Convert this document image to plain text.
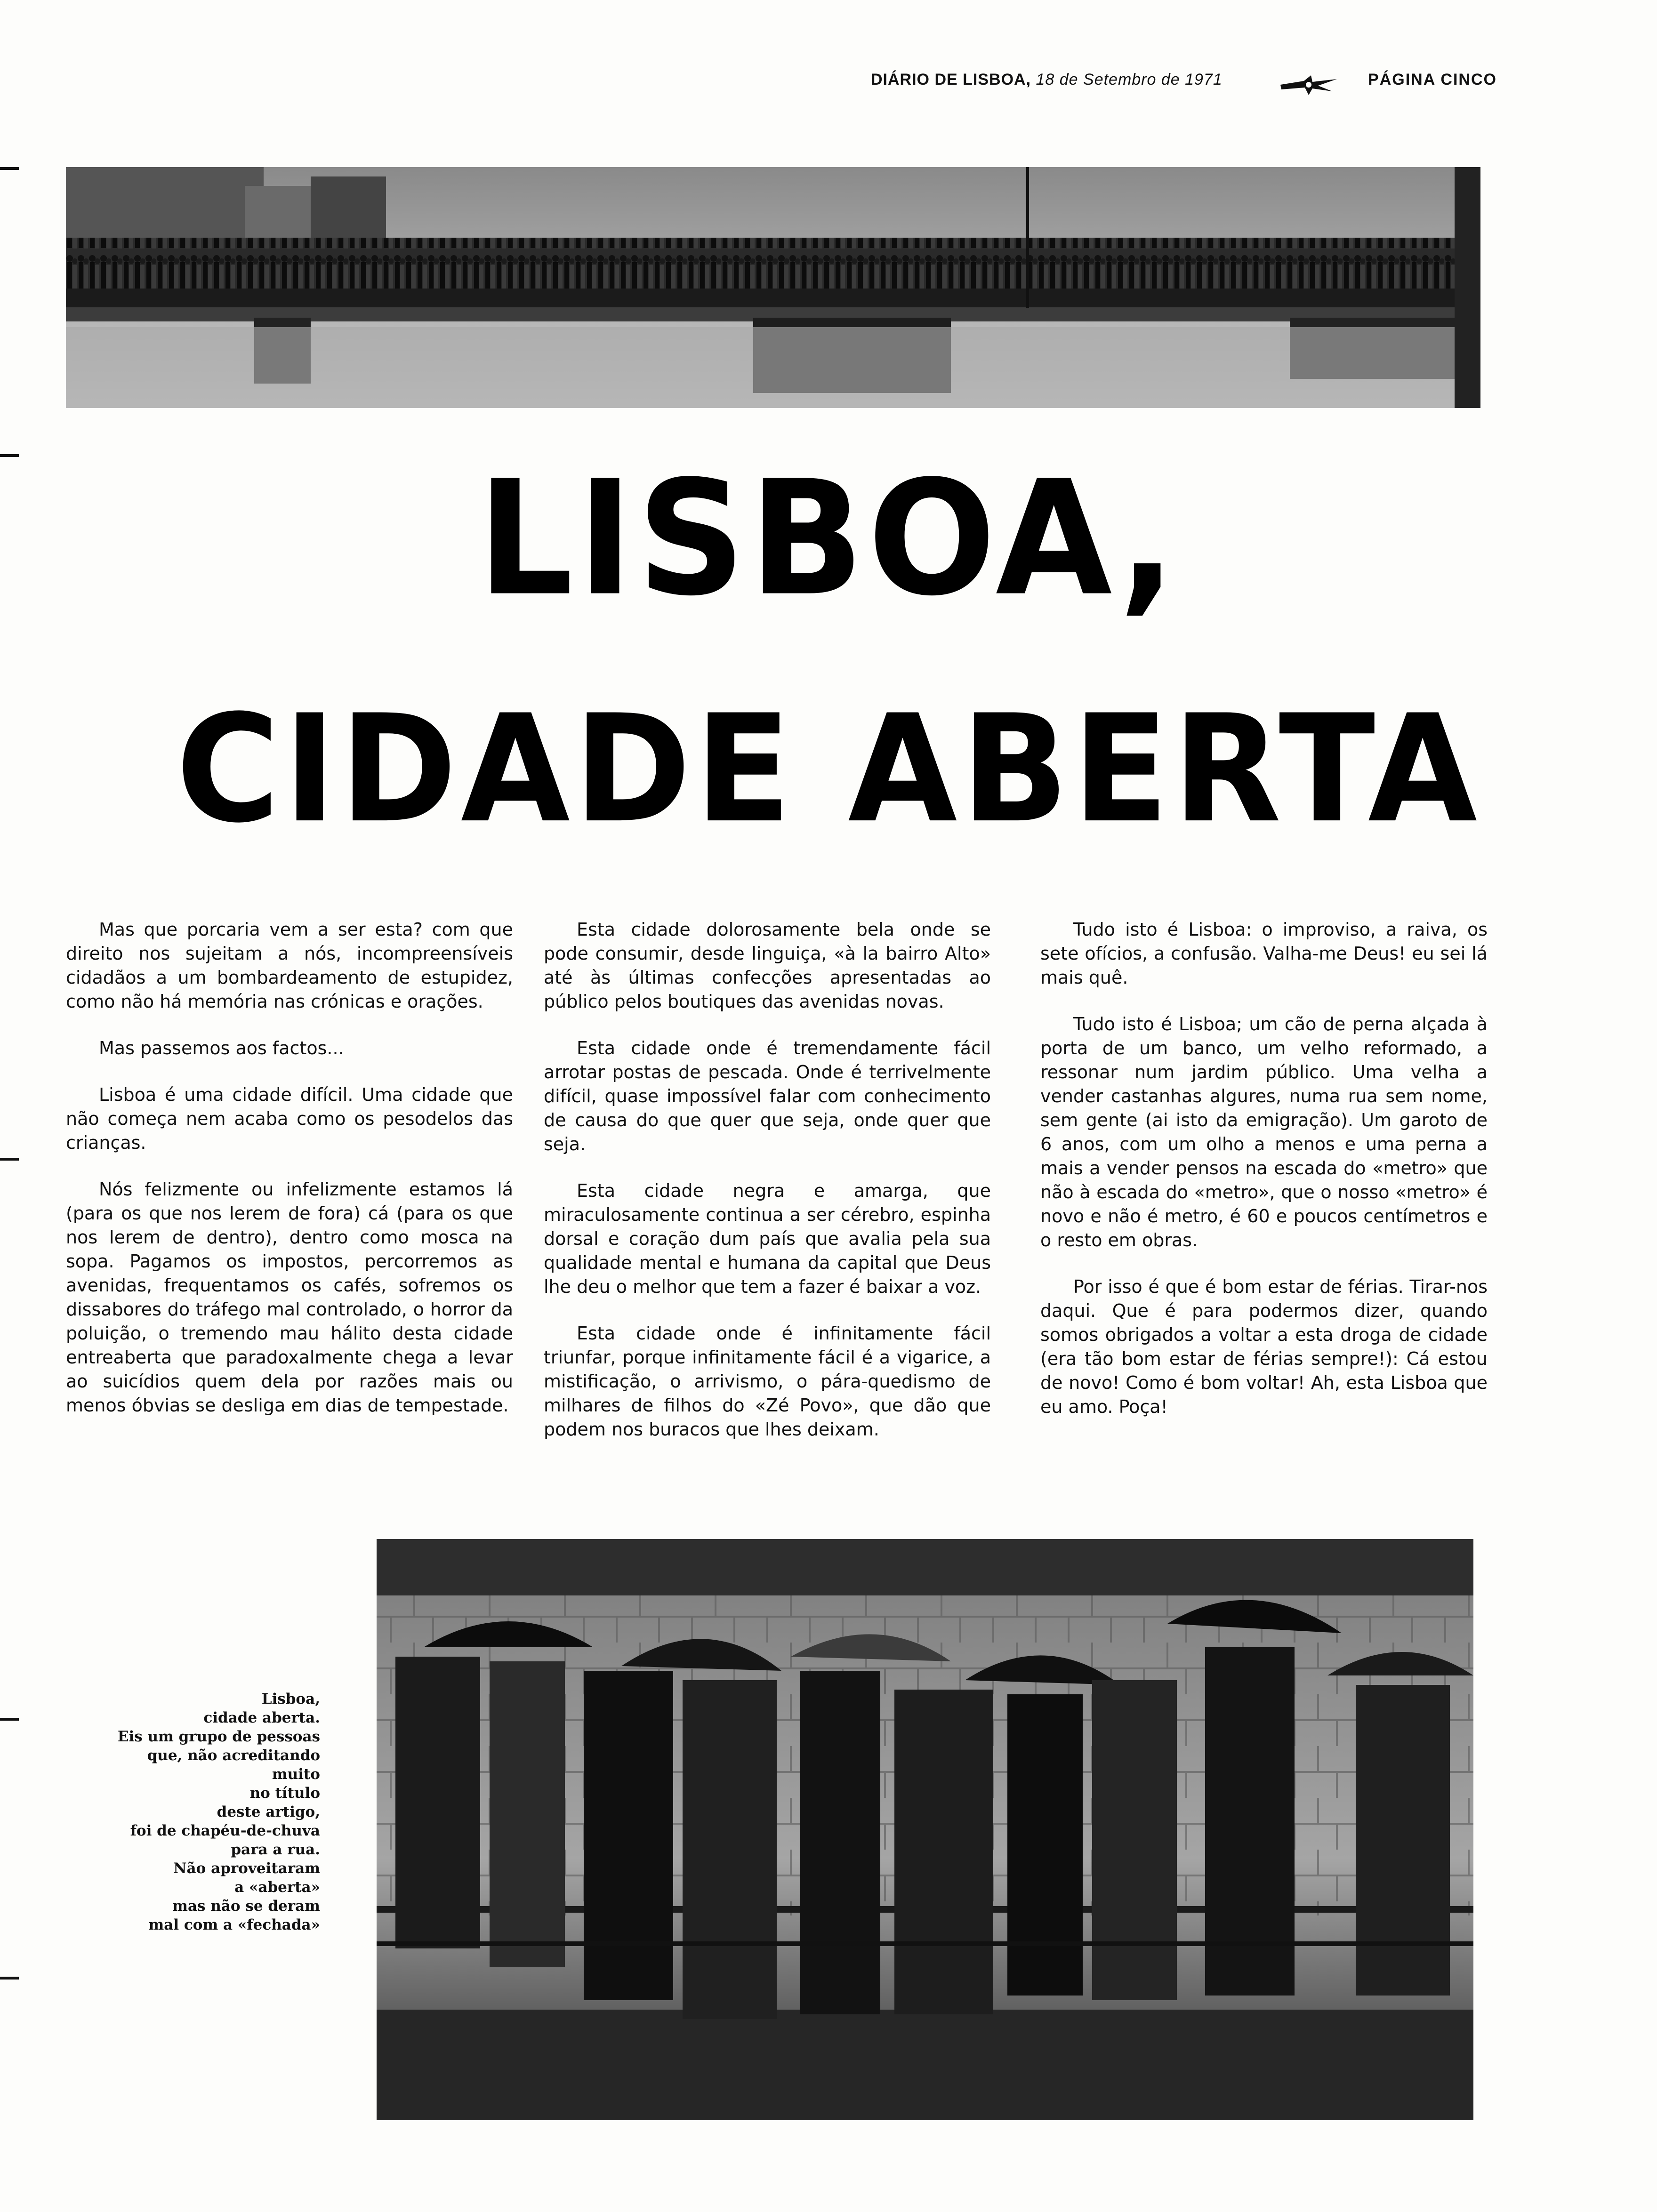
DIÁRIO DE LISBOA, 18 de Setembro de 1971	PÁGINA CINCO
LISBOA,
CIDADE ABERTA

Mas que porcaria vem a ser esta? com que direito nos sujeitam a nós, incompreensíveis cidadãos a um bombardeamento de estupidez, como não há memória nas crónicas e orações.

Mas passemos aos factos...

Lisboa é uma cidade difícil. Uma cidade que não começa nem acaba como os pesodelos das crianças.

Nós felizmente ou infelizmente estamos lá (para os que nos lerem de fora) cá (para os que nos lerem de dentro), dentro como mosca na sopa. Pagamos os impostos, percorremos as avenidas, frequentamos os cafés, sofremos os dissabores do tráfego mal controlado, o horror da poluição, o tremendo mau hálito desta cidade entreaberta que paradoxalmente chega a levar ao suicídios quem dela por razões mais ou menos óbvias se desliga em dias de tempestade.

Esta cidade dolorosamente bela onde se pode consumir, desde linguiça, «à la bairro Alto» até às últimas confecções apresentadas ao público pelos boutiques das avenidas novas.

Esta cidade onde é tremendamente fácil arrotar postas de pescada. Onde é terrivelmente difícil, quase impossível falar com conhecimento de causa do que quer que seja, onde quer que seja.

Esta cidade negra e amarga, que miraculosamente continua a ser cérebro, espinha dorsal e coração dum país que avalia pela sua qualidade mental e humana da capital que Deus lhe deu o melhor que tem a fazer é baixar a voz.

Esta cidade onde é infinitamente fácil triunfar, porque infinitamente fácil é a vigarice, a mistificação, o arrivismo, o pára-quedismo de milhares de filhos do «Zé Povo», que dão que podem nos buracos que lhes deixam.

Tudo isto é Lisboa: o improviso, a raiva, os sete ofícios, a confusão. Valha-me Deus! eu sei lá mais quê.

Tudo isto é Lisboa; um cão de perna alçada à porta de um banco, um velho reformado, a ressonar num jardim público. Uma velha a vender castanhas algures, numa rua sem nome, sem gente (ai isto da emigração). Um garoto de 6 anos, com um olho a menos e uma perna a mais a vender pensos na escada do «metro» que não à escada do «metro», que o nosso «metro» é novo e não é metro, é 60 e poucos centímetros e o resto em obras.

Por isso é que é bom estar de férias. Tirar-nos daqui. Que é para podermos dizer, quando somos obrigados a voltar a esta droga de cidade (era tão bom estar de férias sempre!): Cá estou de novo! Como é bom voltar! Ah, esta Lisboa que eu amo. Poça!

Lisboa,
cidade aberta.
Eis um grupo de pessoas
que, não acreditando
muito
no título
deste artigo,
foi de chapéu-de-chuva
para a rua.
Não aproveitaram
a «aberta»
mas não se deram
mal com a «fechada»
